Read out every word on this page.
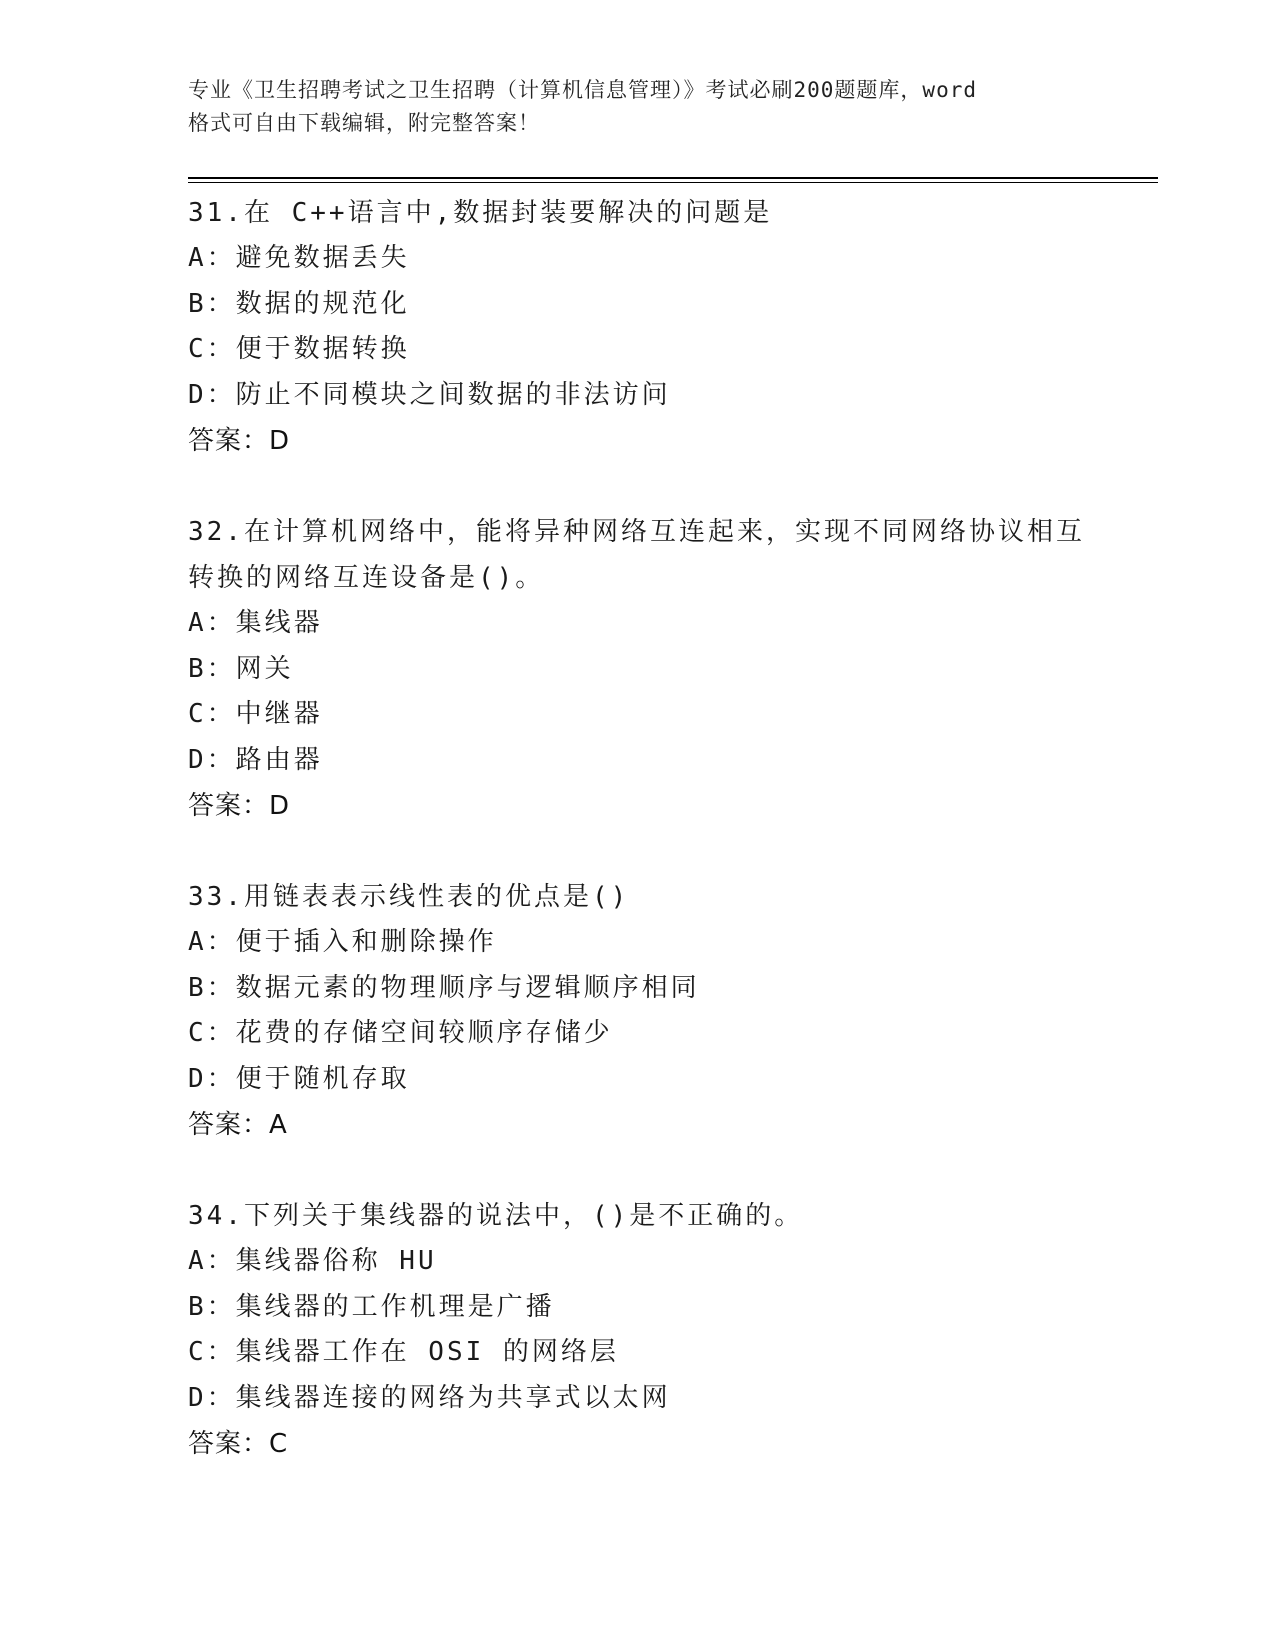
专业《卫生招聘考试之卫生招聘（计算机信息管理）》考试必刷200题题库，word
格式可自由下载编辑，附完整答案！

31.在 C++语言中,数据封装要解决的问题是

A：避免数据丢失

B：数据的规范化

C：便于数据转换

D：防止不同模块之间数据的非法访问

答案：D

32.在计算机网络中，能将异种网络互连起来，实现不同网络协议相互

转换的网络互连设备是()。

A：集线器

B：网关

C：中继器

D：路由器

答案：D

33.用链表表示线性表的优点是()

A：便于插入和删除操作

B：数据元素的物理顺序与逻辑顺序相同

C：花费的存储空间较顺序存储少

D：便于随机存取

答案：A

34.下列关于集线器的说法中，()是不正确的。

A：集线器俗称 HU

B：集线器的工作机理是广播

C：集线器工作在 OSI 的网络层

D：集线器连接的网络为共享式以太网

答案：C
